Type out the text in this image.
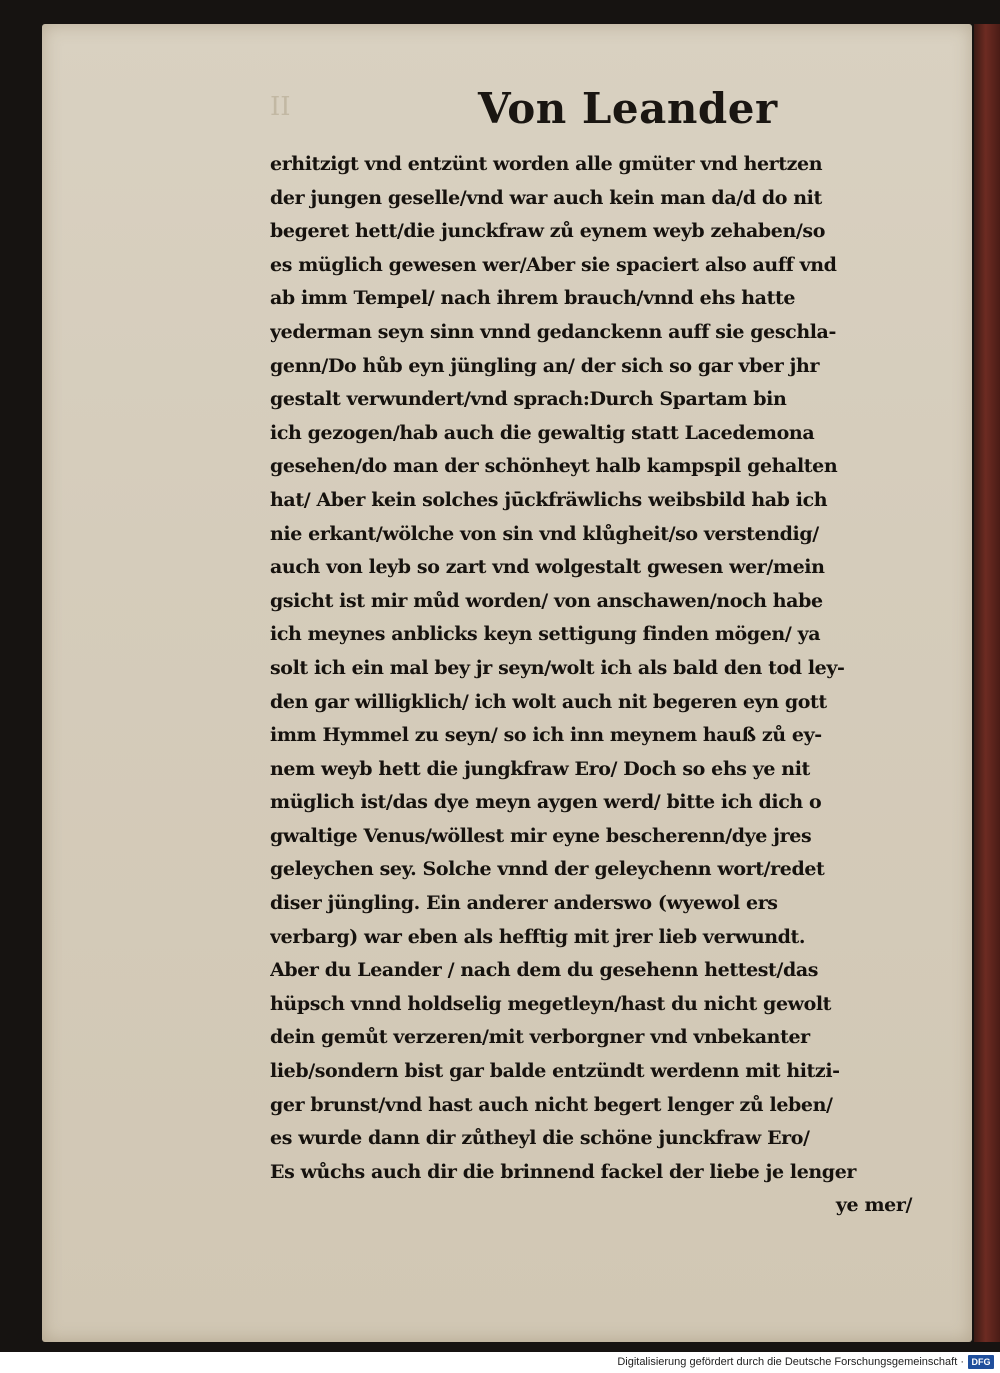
II	Von Leander
erhitzigt vnd entzünt worden alle gmüter vnd hertzen
der jungen geselle/vnd war auch kein man da/d do nit
begeret hett/die junckfraw zů eynem weyb zehaben/so
es müglich gewesen wer/Aber sie spaciert also auff vnd
ab imm Tempel/ nach ihrem brauch/vnnd ehs hatte
yederman seyn sinn vnnd gedanckenn auff sie geschla-
genn/Do hůb eyn jüngling an/ der sich so gar vber jhr
gestalt verwundert/vnd sprach:Durch Spartam bin
ich gezogen/hab auch die gewaltig statt Lacedemona
gesehen/do man der schönheyt halb kampspil gehalten
hat/ Aber kein solches jūckfräwlichs weibsbild hab ich
nie erkant/wölche von sin vnd klůgheit/so verstendig/
auch von leyb so zart vnd wolgestalt gwesen wer/mein
gsicht ist mir můd worden/ von anschawen/noch habe
ich meynes anblicks keyn settigung finden mögen/ ya
solt ich ein mal bey jr seyn/wolt ich als bald den tod ley-
den gar willigklich/ ich wolt auch nit begeren eyn gott
imm Hymmel zu seyn/ so ich inn meynem hauß zů ey-
nem weyb hett die jungkfraw Ero/ Doch so ehs ye nit
müglich ist/das dye meyn aygen werd/ bitte ich dich o
gwaltige Venus/wöllest mir eyne bescherenn/dye jres
geleychen sey. Solche vnnd der geleychenn wort/redet
diser jüngling. Ein anderer anderswo (wyewol ers
verbarg) war eben als hefftig mit jrer lieb verwundt.
Aber du Leander / nach dem du gesehenn hettest/das
hüpsch vnnd holdselig megetleyn/hast du nicht gewolt
dein gemůt verzeren/mit verborgner vnd vnbekanter
lieb/sondern bist gar balde entzündt werdenn mit hitzi-
ger brunst/vnd hast auch nicht begert lenger zů leben/
es wurde dann dir zůtheyl die schöne junckfraw Ero/
Es wůchs auch dir die brinnend fackel der liebe je lenger
ye mer/
Digitalisierung gefördert durch die Deutsche Forschungsgemeinschaft · DFG
